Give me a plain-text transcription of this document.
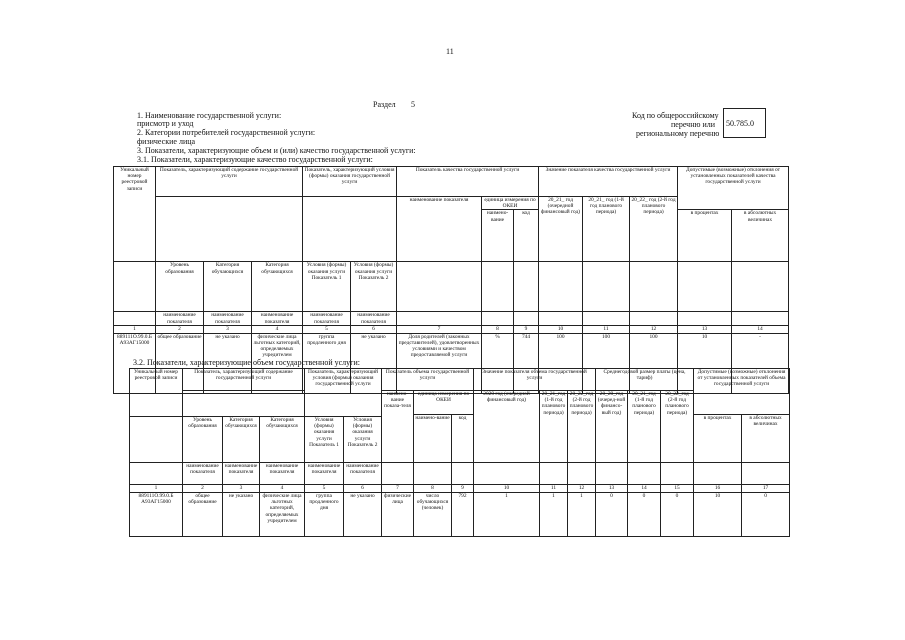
11
Раздел 5
1. Наименование государственной услуги:
присмотр и уход
2. Категории потребителей государственной услуги:
физические лица
3. Показатели, характеризующие объем и (или) качество государственной услуги:
3.1. Показатели, характеризующие качество государственной услуги:
Код по общероссийскому
перечню или
региональному перечню
50.785.0
Уникальный номер реестровой записи	Показатель, характеризующий содержание государственной услуги			Показатель, характеризующий условия (формы) оказания государственной услуги		Показатель качества государственной услуги			Значение показателя качества государственной услуги			Допустимые (возможные) отклонения от установленных показателей качества государственной услуги	
						наименование показателя	единица измерения по ОКЕИ		20_21_ год (очередной финансовый год)	20_21_ год (1-й год планового периода)	20_22_ год (2-й год планового периода)		
							наимено-вание	код				в процентах	в абсолютных величинах
	Уровень образования	Категория обучающихся	Категория обучающихся	Условия (формы) оказания услуги Показатель 1	Условия (формы) оказания услуги Показатель 2								
	наименование показателя	наименование показателя	наименование показателя	наименование показателя	наименование показателя								
1	2	3	4	5	6	7	8	9	10	11	12	13	14
889111О.99.0.Б А93АГ15000	общее образование	не указано	физические лица льготных категорий, определяемых учредителем	группа продленного дня	не указано	Доля родителей (законных представителей), удовлетворенных условиями и качеством предоставляемой услуги	%	744	100	100	100	10	-
3.2. Показатели, характеризующие объем государственной услуги:
Уникальный номер реестровой записи	Показатель, характеризующий содержание государственной услуги			Показатель, характеризующий условия (формы) оказания государственной услуги		Показатель объема государственной услуги			Значение показателя объема государственной услуги			Среднегодовой размер платы (цена, тариф)			Допустимые (возможные) отклонения от установленных показателей объема государственной услуги	
						наимено-вание показа-теля	единица измерения по ОКЕИ		2020 год (очередной финансовый год)	20_21_год (1-й год планового периода)	20_22_год (2-й год планового периода)	20_20_год (очеред-ной финансо-вый год)	20_21_год (1-й год планового периода)	20_22_год (2-й год планового периода)		
							наимено-вание	код							в процентах	в абсолютных величинах
	Уровень образования	Категория обучающихся	Категория обучающихся	Условия (формы) оказания услуги Показатель 1	Условия (формы) оказания услуги Показатель 2											
	наименование показателя	наименование показателя	наименование показателя	наименование показателя	наименование показателя											
1	2	3	4	5	6	7	8	9	10	11	12	13	14	15	16	17
889111О.99.0.Б А93АГ15000	общее образование	не указано	физические лица льготных категорий, определяемых учредителем	группа продленного дня	не указано	физические лица	число обучающихся (человек)	792	1	1	1	0	0	0	10	0
